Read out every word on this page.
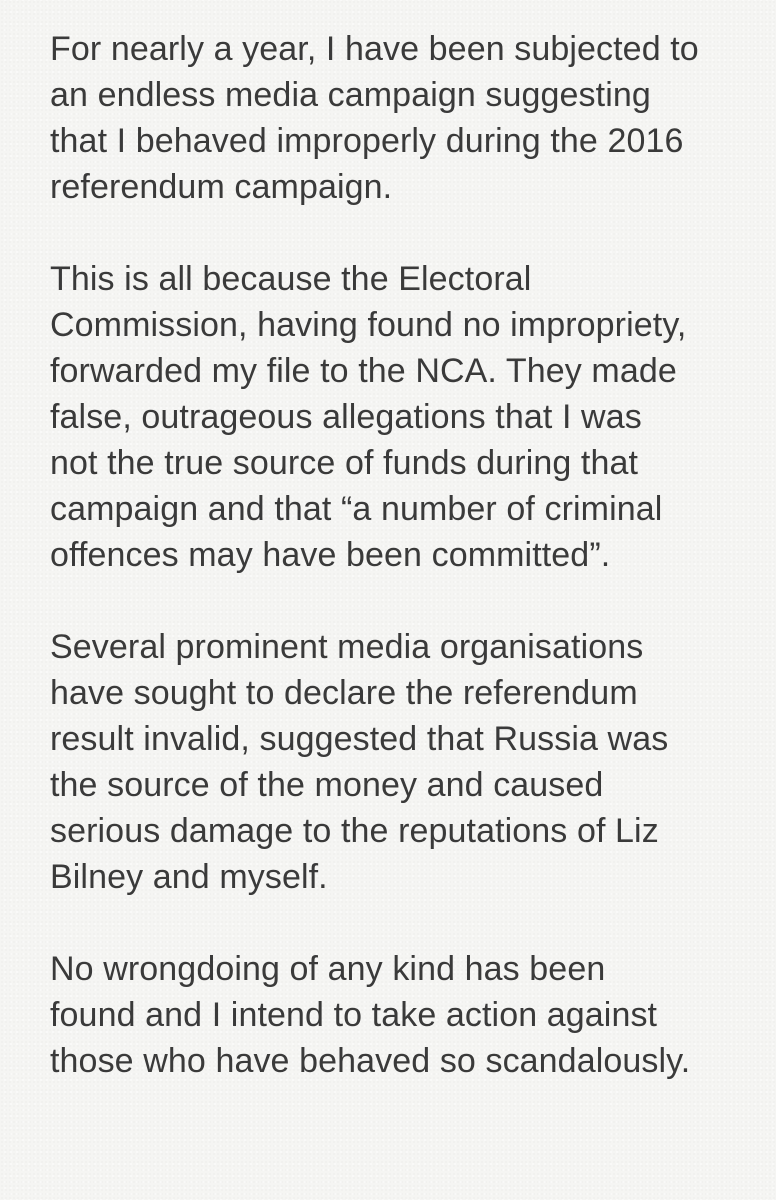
For nearly a year, I have been subjected to
an endless media campaign suggesting
that I behaved improperly during the 2016
referendum campaign.
This is all because the Electoral
Commission, having found no impropriety,
forwarded my file to the NCA. They made
false, outrageous allegations that I was
not the true source of funds during that
campaign and that “a number of criminal
offences may have been committed”.
Several prominent media organisations
have sought to declare the referendum
result invalid, suggested that Russia was
the source of the money and caused
serious damage to the reputations of Liz
Bilney and myself.
No wrongdoing of any kind has been
found and I intend to take action against
those who have behaved so scandalously.
